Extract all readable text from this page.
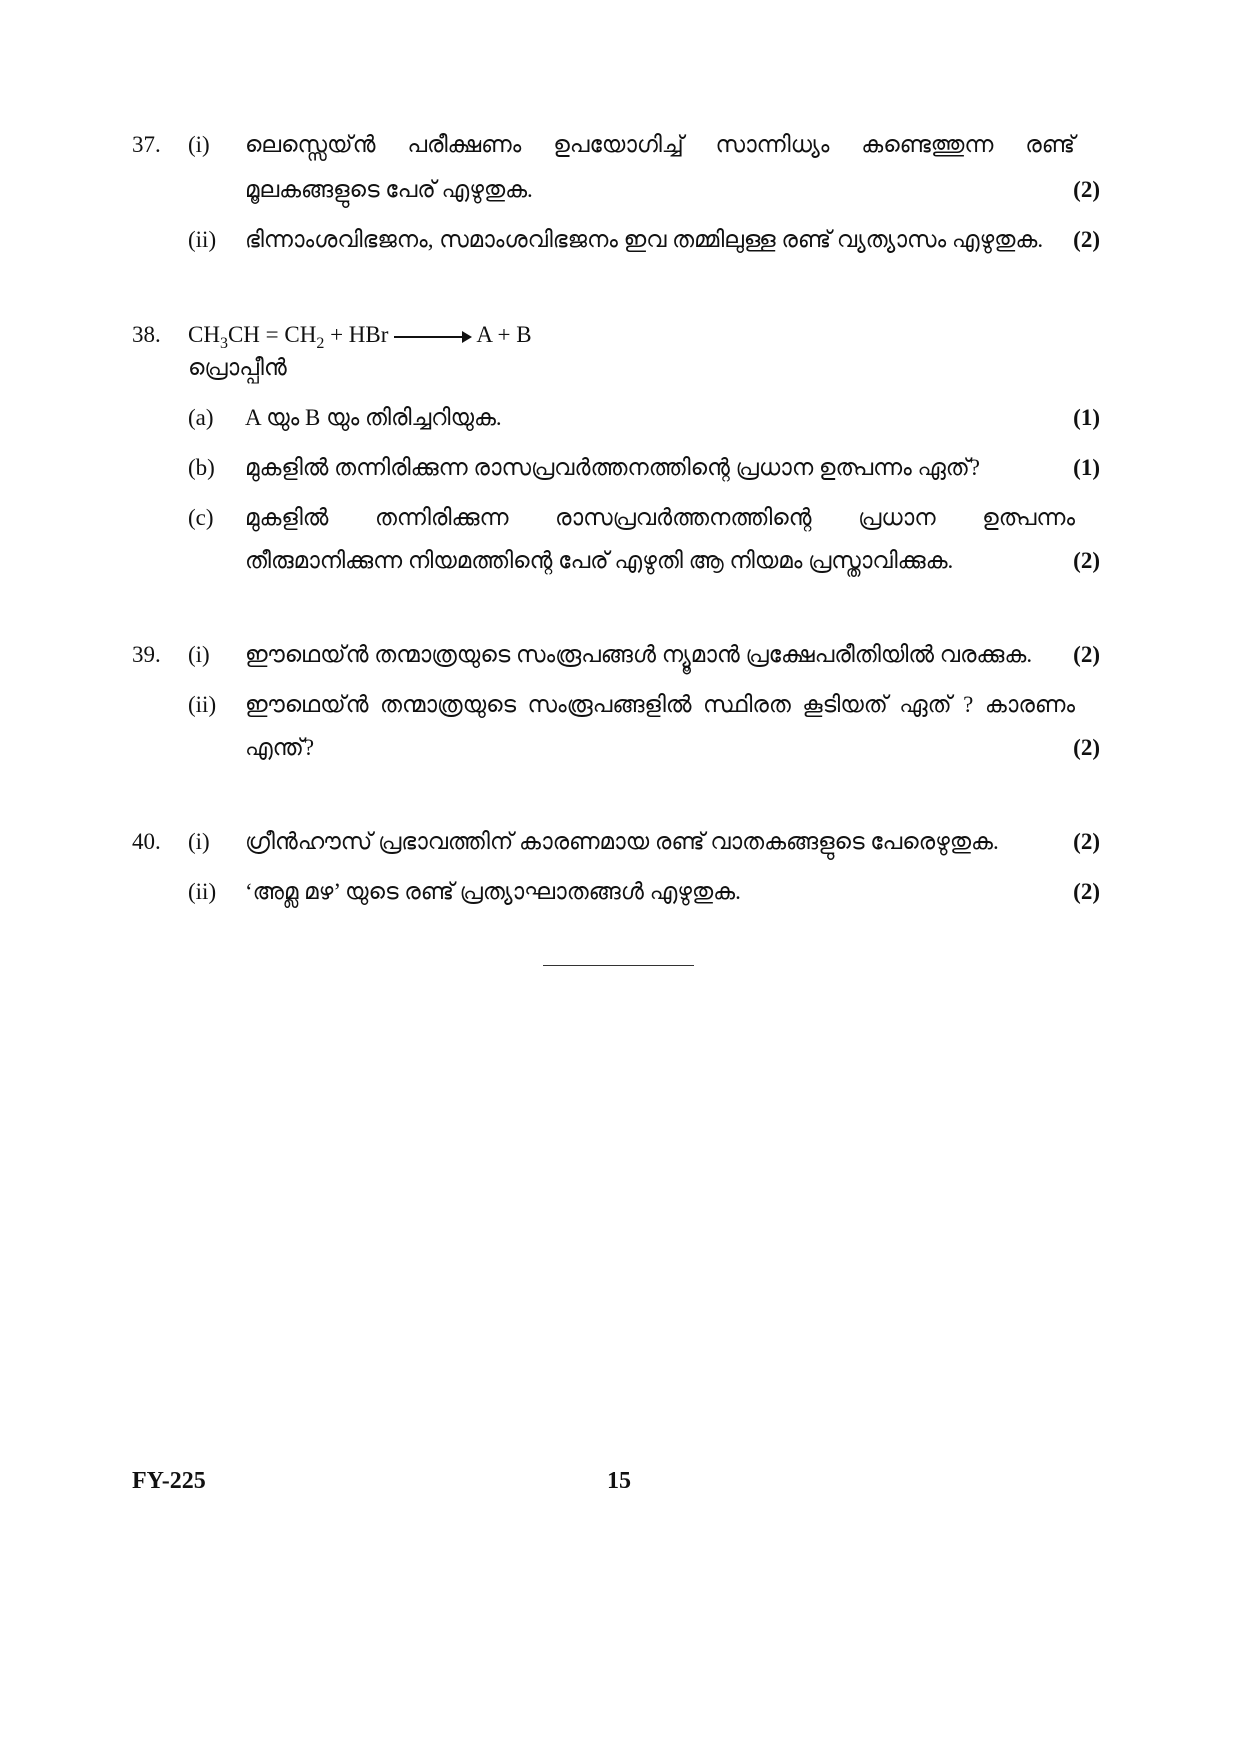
37. (i) ലെസ്സെയ്ൻ പരീക്ഷണം ഉപയോഗിച്ച് സാന്നിധ്യം കണ്ടെത്തുന്ന രണ്ട്
മൂലകങ്ങളുടെ പേര് എഴുതുക.	(2)
(ii) ഭിന്നാംശവിഭജനം, സമാംശവിഭജനം ഇവ തമ്മിലുള്ള രണ്ട് വ്യത്യാസം എഴുതുക.	(2)
38. $CH_3CH = CH_2$ + HBr → A + B
പ്രൊപ്പീൻ
(a) A യും B യും തിരിച്ചറിയുക.	(1)
(b) മുകളിൽ തന്നിരിക്കുന്ന രാസപ്രവർത്തനത്തിന്റെ പ്രധാന ഉത്പന്നം ഏത്?	(1)
(c) മുകളിൽ തന്നിരിക്കുന്ന രാസപ്രവർത്തനത്തിന്റെ പ്രധാന ഉത്പന്നം
തീരുമാനിക്കുന്ന നിയമത്തിന്റെ പേര് എഴുതി ആ നിയമം പ്രസ്താവിക്കുക.	(2)
39. (i) ഈഥെയ്ൻ തന്മാത്രയുടെ സംരൂപങ്ങൾ ന്യൂമാൻ പ്രക്ഷേപരീതിയിൽ വരക്കുക.	(2)
(ii) ഈഥെയ്ൻ തന്മാത്രയുടെ സംരൂപങ്ങളിൽ സ്ഥിരത കൂടിയത് ഏത് ? കാരണം
എന്ത്?	(2)
40. (i) ഗ്രീൻഹൗസ് പ്രഭാവത്തിന് കാരണമായ രണ്ട് വാതകങ്ങളുടെ പേരെഴുതുക.	(2)
(ii) ‘അമ്ല മഴ’ യുടെ രണ്ട് പ്രത്യാഘാതങ്ങൾ എഴുതുക.	(2)
FY-225	15
